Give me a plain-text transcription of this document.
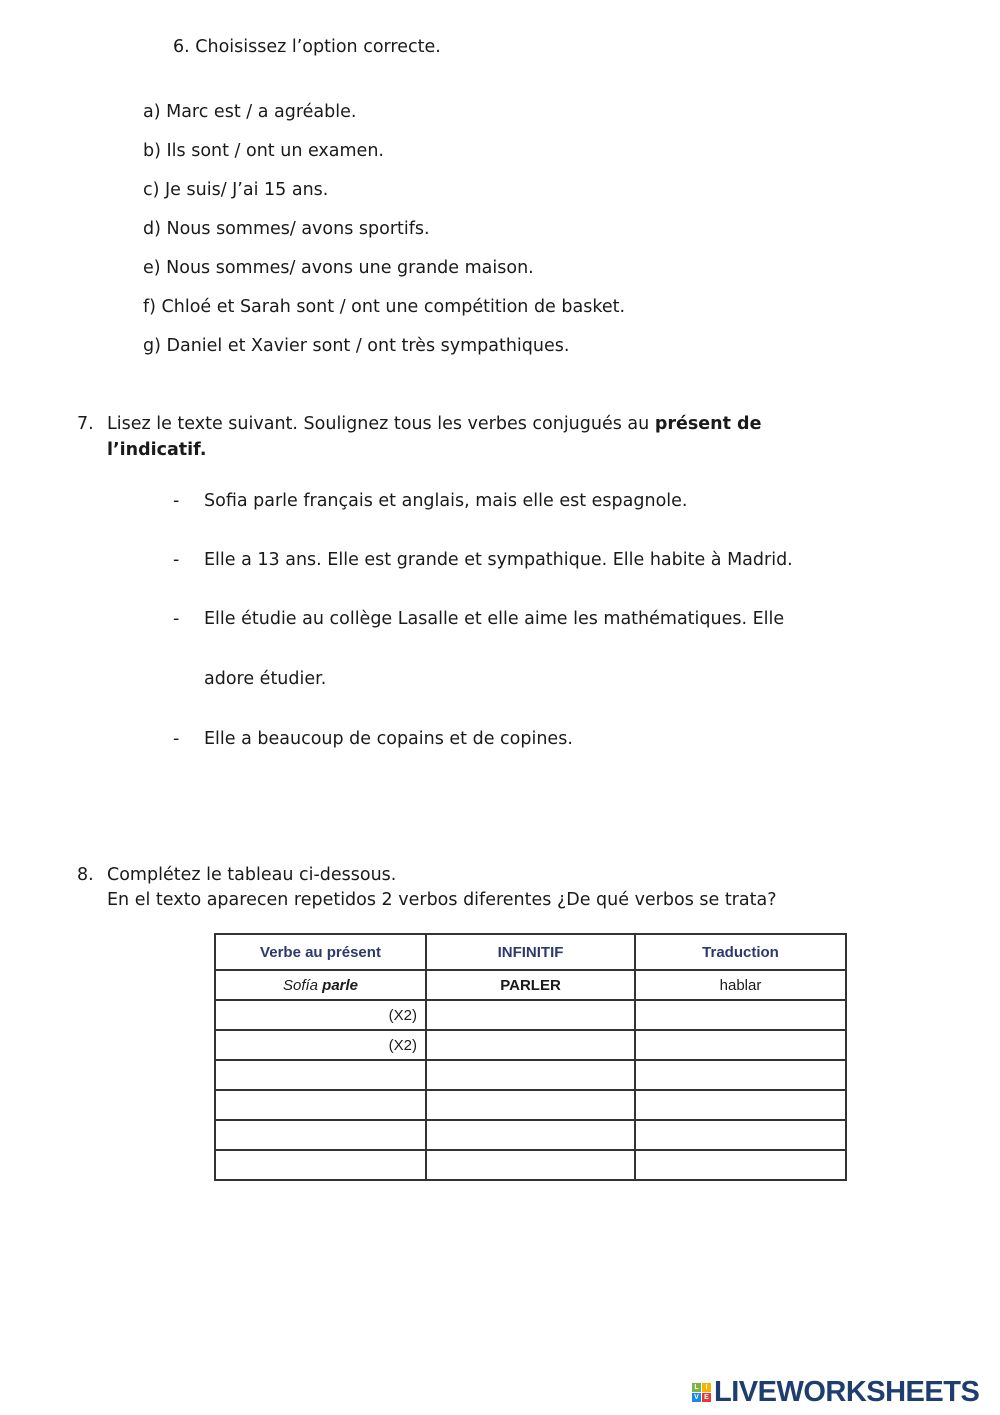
6. Choisissez l’option correcte.
a) Marc est / a agréable.
b) Ils sont / ont un examen.
c) Je suis/ J’ai 15 ans.
d) Nous sommes/ avons sportifs.
e) Nous sommes/ avons une grande maison.
f) Chloé et Sarah sont / ont une compétition de basket.
g) Daniel et Xavier sont / ont très sympathiques.
7. Lisez le texte suivant. Soulignez tous les verbes conjugués au présent de
l’indicatif.
- Sofia parle français et anglais, mais elle est espagnole.
- Elle a 13 ans. Elle est grande et sympathique. Elle habite à Madrid.
- Elle étudie au collège Lasalle et elle aime les mathématiques. Elle
adore étudier.
- Elle a beaucoup de copains et de copines.
8. Complétez le tableau ci-dessous.
En el texto aparecen repetidos 2 verbos diferentes ¿De qué verbos se trata?
Verbe au présent	INFINITIF	Traduction
Sofía parle	PARLER	hablar
(X2)		
(X2)		

L I
V E LIVEWORKSHEETS
